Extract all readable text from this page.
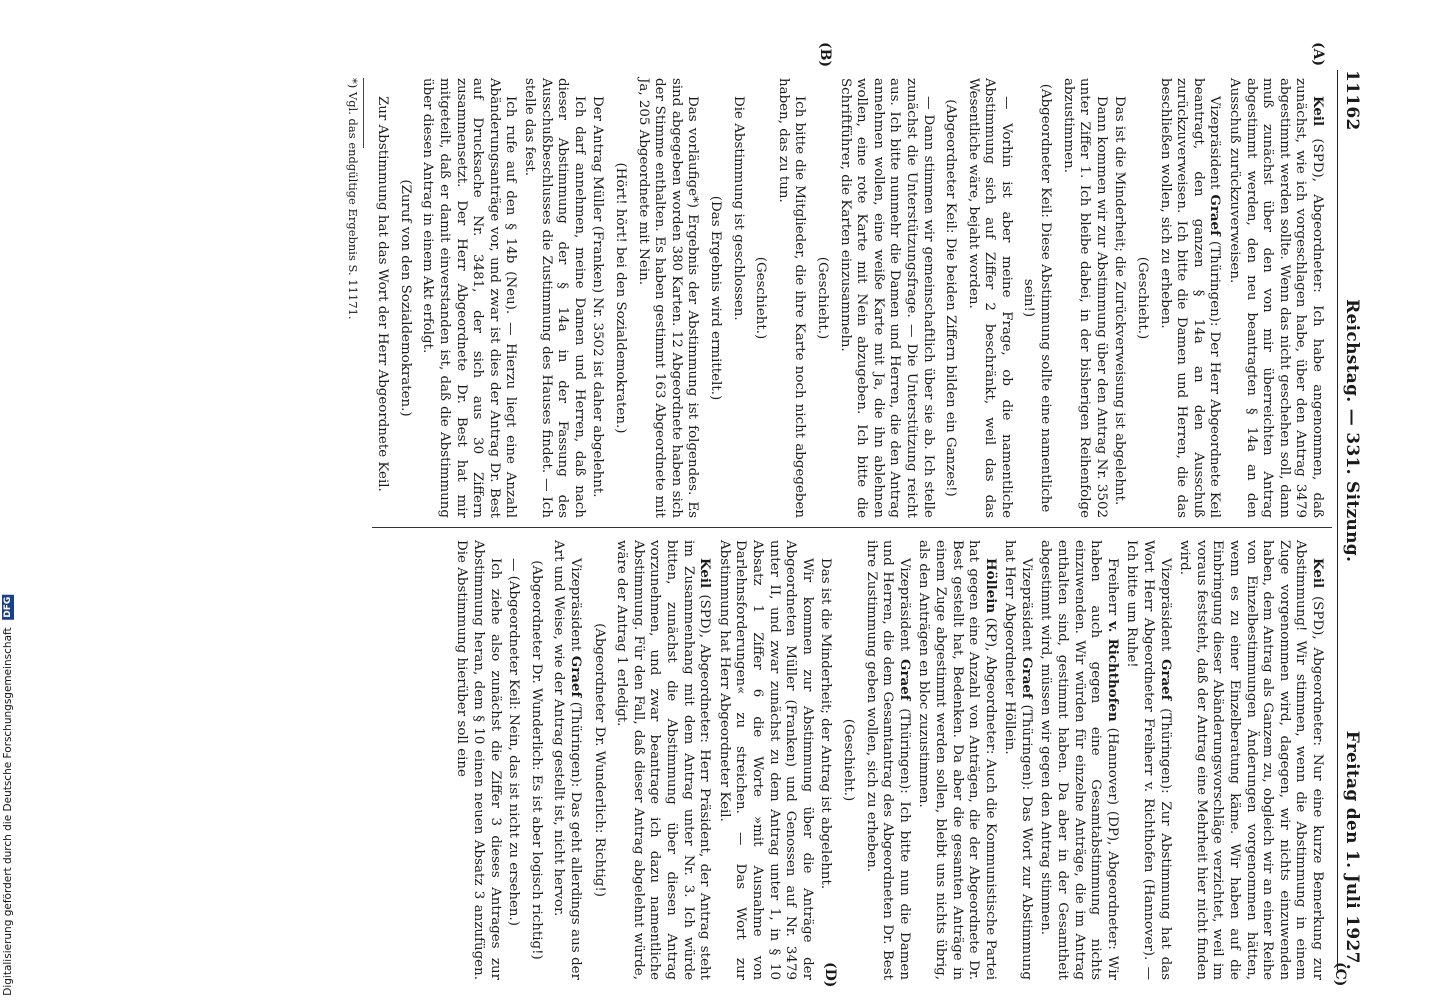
11162
Reichstag. — 331. Sitzung.
Freitag den 1. Juli 1927.
(A)
(B)
(C)
(D)

Keil (SPD), Abgeordneter: Ich habe angenommen, daß zunächst, wie ich vorgeschlagen habe, über den Antrag 3479 abgestimmt werden sollte. Wenn das nicht geschehen soll, dann muß zunächst über den von mir überreichten Antrag abgestimmt werden, den neu beantragten § 14a an den Ausschuß zurückzuverweisen.

Vizepräsident Graef (Thüringen): Der Herr Abgeordnete Keil beantragt, den ganzen § 14a an den Ausschuß zurückzuverweisen. Ich bitte die Damen und Herren, die das beschließen wollen, sich zu erheben.

(Geschieht.)

Das ist die Minderheit; die Zurückverweisung ist abgelehnt.

Dann kommen wir zur Abstimmung über den Antrag Nr. 3502 unter Ziffer 1. Ich bleibe dabei, in der bisherigen Reihenfolge abzustimmen.

(Abgeordneter Keil: Diese Abstimmung sollte eine namentliche sein!)

— Vorhin ist aber meine Frage, ob die namentliche Abstimmung sich auf Ziffer 2 beschränkt, weil das das Wesentliche wäre, bejaht worden.

(Abgeordneter Keil: Die beiden Ziffern bilden ein Ganzes!)

— Dann stimmen wir gemeinschaftlich über sie ab. Ich stelle zunächst die Unterstützungsfrage. — Die Unterstützung reicht aus. Ich bitte nunmehr die Damen und Herren, die den Antrag annehmen wollen, eine weiße Karte mit Ja, die ihn ablehnen wollen, eine rote Karte mit Nein abzugeben. Ich bitte die Schriftführer, die Karten einzusammeln.

(Geschieht.)

Ich bitte die Mitglieder, die ihre Karte noch nicht abgegeben haben, das zu tun.

(Geschieht.)

Die Abstimmung ist geschlossen.

(Das Ergebnis wird ermittelt.)

Das vorläufige*) Ergebnis der Abstimmung ist folgendes. Es sind abgegeben worden 380 Karten. 12 Abgeordnete haben sich der Stimme enthalten. Es haben gestimmt 163 Abgeordnete mit Ja, 205 Abgeordnete mit Nein.

(Hört! hört! bei den Sozialdemokraten.)

Der Antrag Müller (Franken) Nr. 3502 ist daher abgelehnt.

Ich darf annehmen, meine Damen und Herren, daß nach dieser Abstimmung der § 14a in der Fassung des Ausschußbeschlusses die Zustimmung des Hauses findet. — Ich stelle das fest.

Ich rufe auf den § 14b (Neu). — Hierzu liegt eine Anzahl Abänderungsanträge vor, und zwar ist dies der Antrag Dr. Best auf Drucksache Nr. 3481, der sich aus 30 Ziffern zusammensetzt. Der Herr Abgeordnete Dr. Best hat mir mitgeteilt, daß er damit einverstanden ist, daß die Abstimmung über diesen Antrag in einem Akt erfolgt.

(Zuruf von den Sozialdemokraten.)

Zur Abstimmung hat das Wort der Herr Abgeordnete Keil.

*) Vgl. das endgültige Ergebnis S. 11171.

Keil (SPD), Abgeordneter: Nur eine kurze Bemerkung zur Abstimmung! Wir stimmen, wenn die Abstimmung in einem Zuge vorgenommen wird, dagegen, wir nichts einzuwenden haben, dem Antrag als Ganzem zu, obgleich wir an einer Reihe von Einzelbestimmungen Änderungen vorgenommen hätten, wenn es zu einer Einzelberatung käme. Wir haben auf die Einbringung dieser Abänderungsvorschläge verzichtet, weil im voraus feststeht, daß der Antrag eine Mehrheit hier nicht finden wird.

Vizepräsident Graef (Thüringen): Zur Abstimmung hat das Wort Herr Abgeordneter Freiherr v. Richthofen (Hannover). — Ich bitte um Ruhe!

Freiherr v. Richthofen (Hannover) (DP), Abgeordneter: Wir haben auch gegen eine Gesamtabstimmung nichts einzuwenden. Wir würden für einzelne Anträge, die im Antrag enthalten sind, gestimmt haben. Da aber in der Gesamtheit abgestimmt wird, müssen wir gegen den Antrag stimmen.

Vizepräsident Graef (Thüringen): Das Wort zur Abstimmung hat Herr Abgeordneter Höllein.

Höllein (KP), Abgeordneter: Auch die Kommunistische Partei hat gegen eine Anzahl von Anträgen, die der Abgeordnete Dr. Best gestellt hat, Bedenken. Da aber die gesamten Anträge in einem Zuge abgestimmt werden sollen, bleibt uns nichts übrig, als den Anträgen en bloc zuzustimmen.

Vizepräsident Graef (Thüringen): Ich bitte nun die Damen und Herren, die dem Gesamtantrag des Abgeordneten Dr. Best ihre Zustimmung geben wollen, sich zu erheben.

(Geschieht.)

Das ist die Minderheit; der Antrag ist abgelehnt.

Wir kommen zur Abstimmung über die Anträge der Abgeordneten Müller (Franken) und Genossen auf Nr. 3479 unter II, und zwar zunächst zu dem Antrag unter 1, in § 10 Absatz 1 Ziffer 6 die Worte »mit Ausnahme von Darlehnsforderungen« zu streichen. — Das Wort zur Abstimmung hat Herr Abgeordneter Keil.

Keil (SPD), Abgeordneter: Herr Präsident, der Antrag steht im Zusammenhang mit dem Antrag unter Nr. 3. Ich würde bitten, zunächst die Abstimmung über diesen Antrag vorzunehmen, und zwar beantrage ich dazu namentliche Abstimmung. Für den Fall, daß dieser Antrag abgelehnt würde, wäre der Antrag 1 erledigt.

(Abgeordneter Dr. Wunderlich: Richtig!)

Vizepräsident Graef (Thüringen): Das geht allerdings aus der Art und Weise, wie der Antrag gestellt ist, nicht hervor.

(Abgeordneter Dr. Wunderlich: Es ist aber logisch richtig!)

— (Abgeordneter Keil: Nein, das ist nicht zu ersehen.)

Ich ziehe also zunächst die Ziffer 3 dieses Antrages zur Abstimmung heran, dem § 10 einen neuen Absatz 3 anzufügen. Die Abstimmung hierüber soll eine

Digitalisierung gefördert durch die Deutsche Forschungsgemeinschaft DFG
